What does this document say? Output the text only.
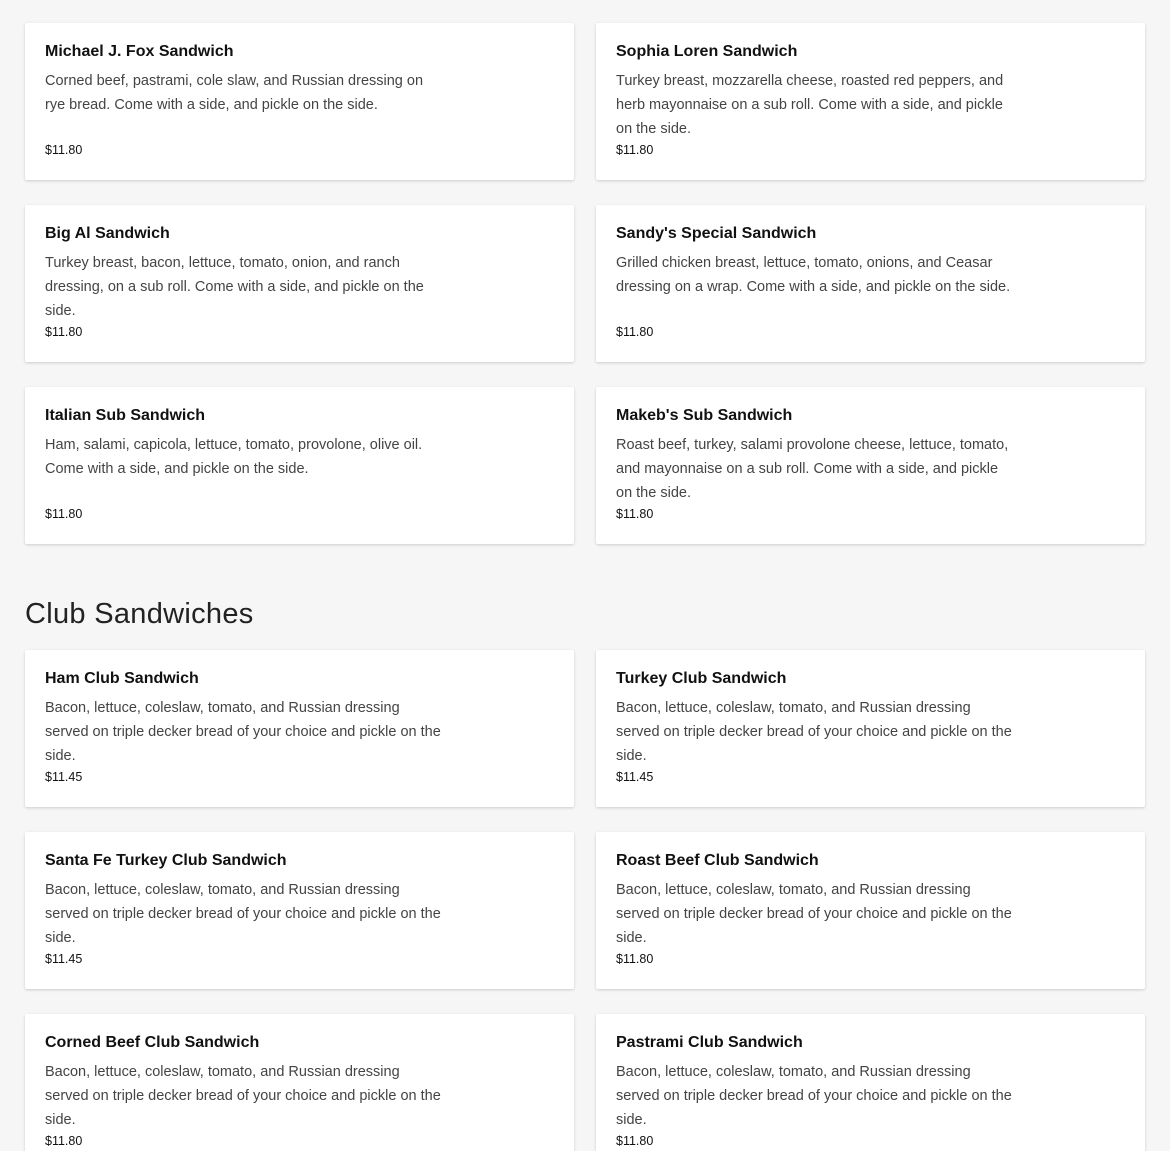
Michael J. Fox Sandwich
Corned beef, pastrami, cole slaw, and Russian dressing on rye bread. Come with a side, and pickle on the side.
$11.80
Sophia Loren Sandwich
Turkey breast, mozzarella cheese, roasted red peppers, and herb mayonnaise on a sub roll. Come with a side, and pickle on the side.
$11.80
Big Al Sandwich
Turkey breast, bacon, lettuce, tomato, onion, and ranch dressing, on a sub roll. Come with a side, and pickle on the side.
$11.80
Sandy's Special Sandwich
Grilled chicken breast, lettuce, tomato, onions, and Ceasar dressing on a wrap. Come with a side, and pickle on the side.
$11.80
Italian Sub Sandwich
Ham, salami, capicola, lettuce, tomato, provolone, olive oil. Come with a side, and pickle on the side.
$11.80
Makeb's Sub Sandwich
Roast beef, turkey, salami provolone cheese, lettuce, tomato, and mayonnaise on a sub roll. Come with a side, and pickle on the side.
$11.80
Club Sandwiches
Ham Club Sandwich
Bacon, lettuce, coleslaw, tomato, and Russian dressing served on triple decker bread of your choice and pickle on the side.
$11.45
Turkey Club Sandwich
Bacon, lettuce, coleslaw, tomato, and Russian dressing served on triple decker bread of your choice and pickle on the side.
$11.45
Santa Fe Turkey Club Sandwich
Bacon, lettuce, coleslaw, tomato, and Russian dressing served on triple decker bread of your choice and pickle on the side.
$11.45
Roast Beef Club Sandwich
Bacon, lettuce, coleslaw, tomato, and Russian dressing served on triple decker bread of your choice and pickle on the side.
$11.80
Corned Beef Club Sandwich
Bacon, lettuce, coleslaw, tomato, and Russian dressing served on triple decker bread of your choice and pickle on the side.
$11.80
Pastrami Club Sandwich
Bacon, lettuce, coleslaw, tomato, and Russian dressing served on triple decker bread of your choice and pickle on the side.
$11.80
